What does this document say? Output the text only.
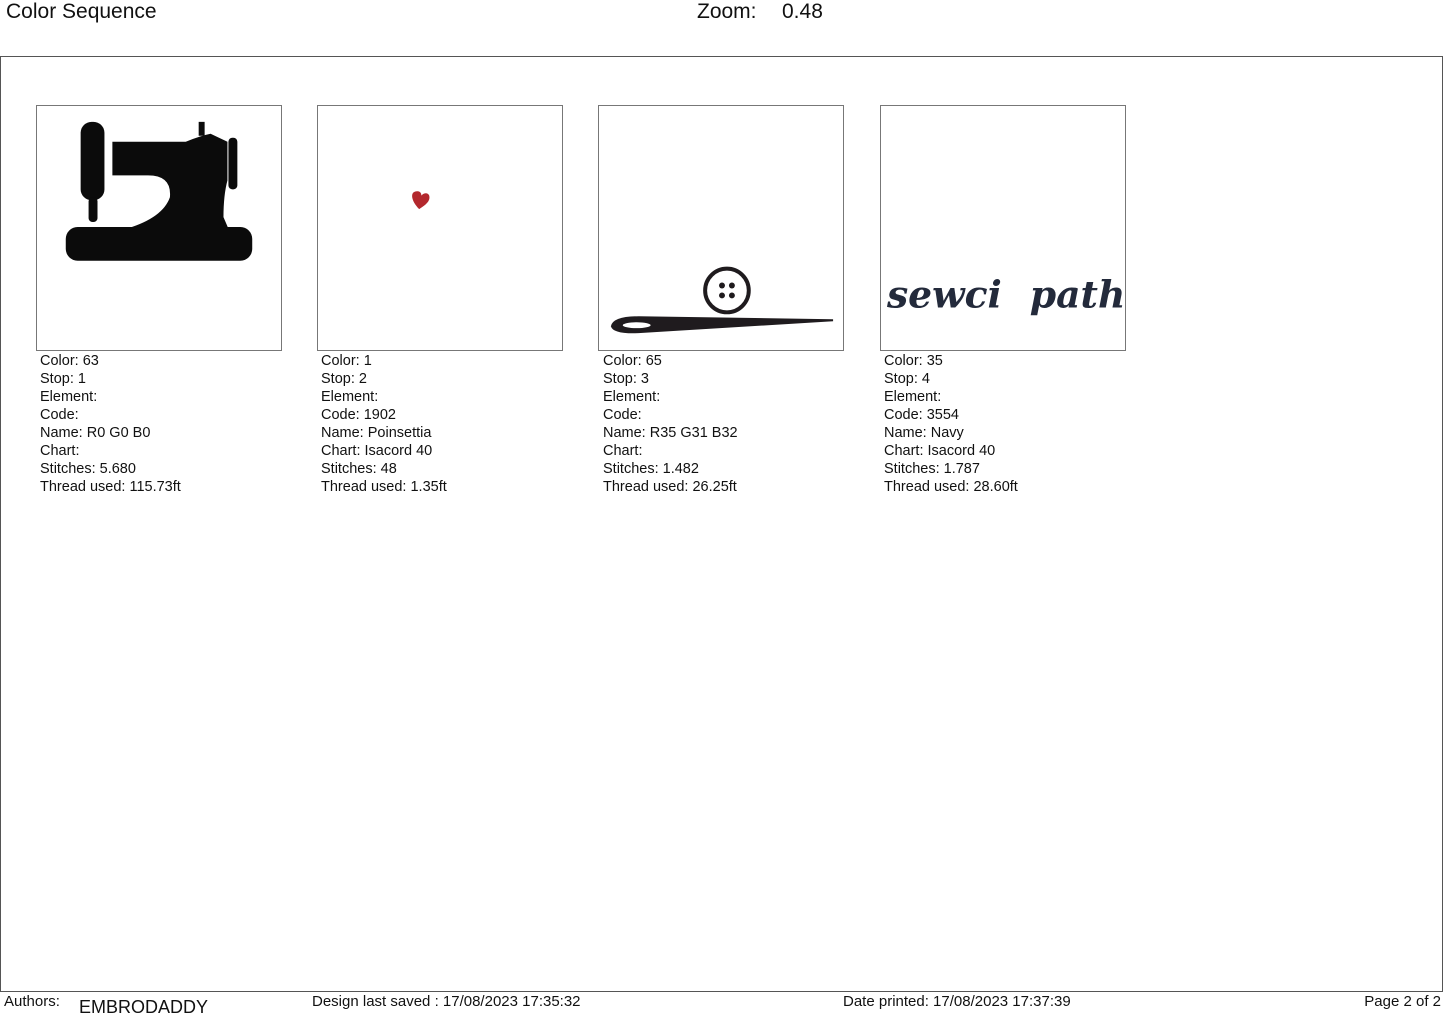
Color Sequence	Zoom: 0.48
sewci path
Color: 63
Stop: 1
Element:
Code:
Name: R0 G0 B0
Chart:
Stitches: 5.680
Thread used: 115.73ft
Color: 1
Stop: 2
Element:
Code: 1902
Name: Poinsettia
Chart: Isacord 40
Stitches: 48
Thread used: 1.35ft
Color: 65
Stop: 3
Element:
Code:
Name: R35 G31 B32
Chart:
Stitches: 1.482
Thread used: 26.25ft
Color: 35
Stop: 4
Element:
Code: 3554
Name: Navy
Chart: Isacord 40
Stitches: 1.787
Thread used: 28.60ft
Authors: EMBRODADDY	Design last saved : 17/08/2023 17:35:32	Date printed: 17/08/2023 17:37:39	Page 2 of 2
